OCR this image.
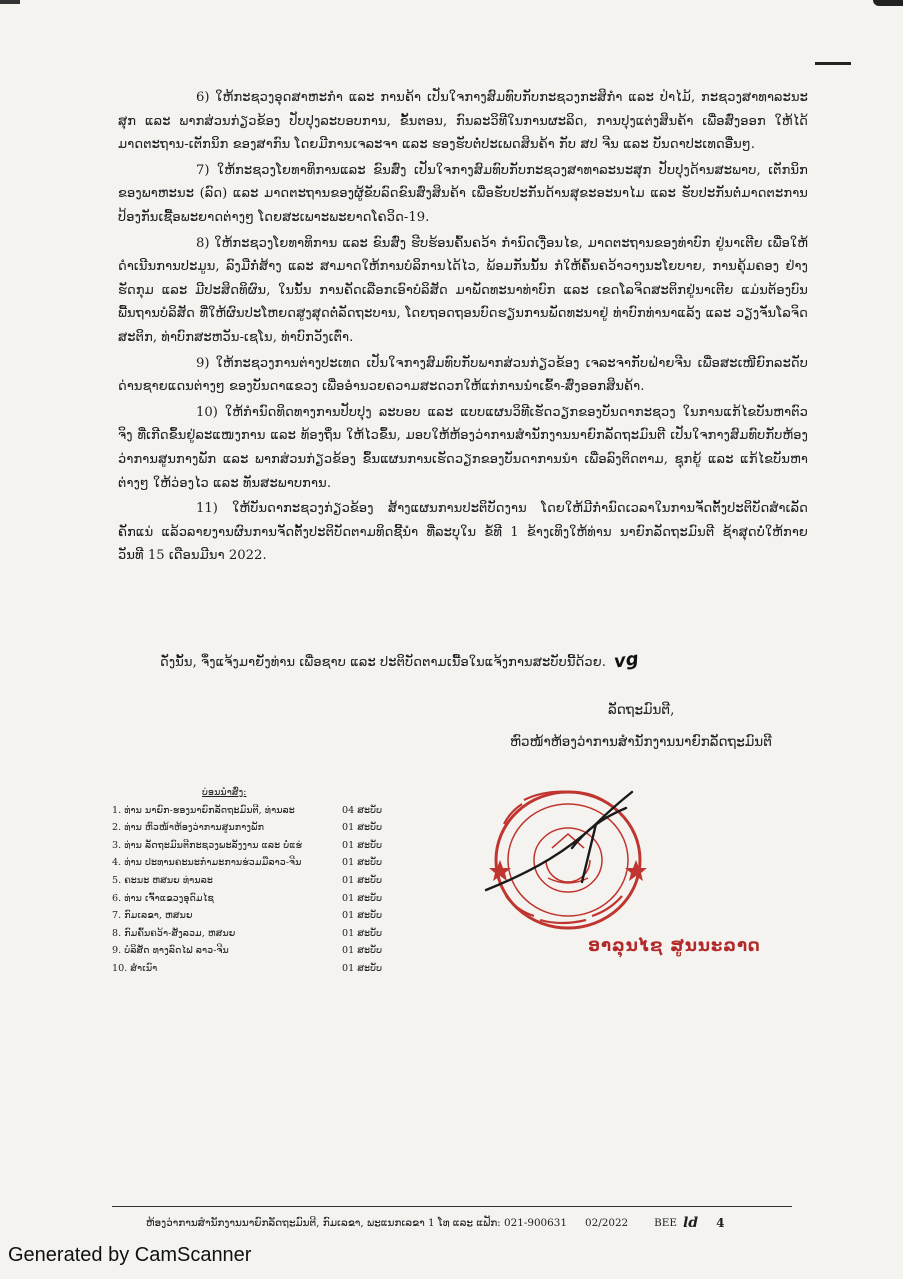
6) ໃຫ້ກະຊວງອຸດສາຫະກຳ ແລະ ການຄ້າ ເປັນໃຈກາງສົມທົບກັບກະຊວງກະສິກຳ ແລະ ປ່າໄມ້, ກະຊວງສາທາລະນະສຸກ ແລະ ພາກສ່ວນກ່ຽວຂ້ອງ ປັບປຸງລະບອບການ, ຂັ້ນຕອນ, ກົນລະວິທີໃນການຜະລິດ, ການປຸງແຕ່ງສິນຄ້າ ເພື່ອສົ່ງອອກ ໃຫ້ໄດ້ມາດຕະຖານ-ເຕັກນິກ ຂອງສາກົນ ໂດຍມີການເຈລະຈາ ແລະ ຮອງຮັບຕໍ່ປະເພດສິນຄ້າ ກັບ ສປ ຈີນ ແລະ ບັນດາປະເທດອື່ນໆ.

7) ໃຫ້ກະຊວງໂຍທາທິການແລະ ຂົນສົ່ງ ເປັນໃຈກາງສົມທົບກັບກະຊວງສາທາລະນະສຸກ ປັບປຸງດ້ານສະພາບ, ເຕັກນິກ ຂອງພາຫະນະ (ລົດ) ແລະ ມາດຕະຖານຂອງຜູ້ຂັບລົດຂົນສົ່ງສິນຄ້າ ເພື່ອຮັບປະກັນດ້ານສຸຂະອະນາໄມ ແລະ ຮັບປະກັນຕໍ່ມາດຕະການປ້ອງກັນເຊື້ອພະຍາດຕ່າງໆ ໂດຍສະເພາະພະຍາດໂຄວິດ-19.

8) ໃຫ້ກະຊວງໂຍທາທິການ ແລະ ຂົນສົ່ງ ຮີບຮ້ອນຄົ້ນຄວ້າ ກຳນົດເງື່ອນໄຂ, ມາດຕະຖານຂອງທ່າບົກ ຢູ່ນາເຕີຍ ເພື່ອໃຫ້ດຳເນີນການປະມູນ, ລົງມືກໍ່ສ້າງ ແລະ ສາມາດໃຫ້ການບໍລິການໄດ້ໄວ, ພ້ອມກັນນັ້ນ ກໍໃຫ້ຄົ້ນຄວ້າວາງນະໂຍບາຍ, ການຄຸ້ມຄອງ ຢ່າງຮັດກຸມ ແລະ ມີປະສິດທິຜົນ, ໃນນັ້ນ ການຄັດເລືອກເອົາບໍລິສັດ ມາພັດທະນາທ່າບົກ ແລະ ເຂດໂລຈິດສະຕິກຢູ່ນາເຕີຍ ແມ່ນຕ້ອງບົນພື້ນຖານບໍລິສັດ ທີ່ໃຫ້ຜົນປະໂຫຍດສູງສຸດຕໍ່ລັດຖະບານ, ໂດຍຖອດຖອນບົດຮຽນການພັດທະນາຢູ່ ທ່າບົກທ່ານາແລ້ງ ແລະ ວຽງຈັນໂລຈິດສະຕິກ, ທ່າບົກສະຫວັນ-ເຊໂນ, ທ່າບົກວັງເຕົ່າ.

9) ໃຫ້ກະຊວງການຕ່າງປະເທດ ເປັນໃຈກາງສົມທົບກັບພາກສ່ວນກ່ຽວຂ້ອງ ເຈລະຈາກັບຝ່າຍຈີນ ເພື່ອສະເໜີຍົກລະດັບດ່ານຊາຍແດນຕ່າງໆ ຂອງບັນດາແຂວງ ເພື່ອອຳນວຍຄວາມສະດວກໃຫ້ແກ່ການນຳເຂົ້າ-ສົ່ງອອກສິນຄ້າ.

10) ໃຫ້ກຳນົດທິດທາງການປັບປຸງ ລະບອບ ແລະ ແບບແຜນວິທີເຮັດວຽກຂອງບັນດາກະຊວງ ໃນການແກ້ໄຂບັນຫາຕົວຈິງ ທີ່ເກີດຂຶ້ນຢູ່ລະແໜງການ ແລະ ທ້ອງຖິ່ນ ໃຫ້ໄວຂຶ້ນ, ມອບໃຫ້ຫ້ອງວ່າການສຳນັກງານນາຍົກລັດຖະມົນຕີ ເປັນໃຈກາງສົມທົບກັບຫ້ອງວ່າການສູນກາງພັກ ແລະ ພາກສ່ວນກ່ຽວຂ້ອງ ຂຶ້ນແຜນການເຮັດວຽກຂອງບັນດາການນຳ ເພື່ອລົງຕິດຕາມ, ຊຸກຍູ້ ແລະ ແກ້ໄຂບັນຫາຕ່າງໆ ໃຫ້ວ່ອງໄວ ແລະ ທັນສະພາບການ.

11) ໃຫ້ບັນດາກະຊວງກ່ຽວຂ້ອງ ສ້າງແຜນການປະຕິບັດງານ ໂດຍໃຫ້ມີກຳນົດເວລາໃນການຈັດຕັ້ງປະຕິບັດສຳເລັດຄັກແນ່ ແລ້ວລາຍງານຜົນການຈັດຕັ້ງປະຕິບັດຕາມທິດຊີ້ນຳ ທີ່ລະບຸໃນ ຂໍ້ທີ 1 ຂ້າງເທິງໃຫ້ທ່ານ ນາຍົກລັດຖະມົນຕີ ຊ້າສຸດບໍ່ໃຫ້ກາຍ ວັນທີ 15 ເດືອນມີນາ 2022.

ດັ່ງນັ້ນ, ຈຶ່ງແຈ້ງມາຍັງທ່ານ ເພື່ອຊາບ ແລະ ປະຕິບັດຕາມເນື້ອໃນແຈ້ງການສະບັບນີ້ດ້ວຍ. vg
ລັດຖະມົນຕີ,
ຫົວໜ້າຫ້ອງວ່າການສຳນັກງານນາຍົກລັດຖະມົນຕີ
ບ່ອນນຳສົ່ງ:
1. ທ່ານ ນາຍົກ-ຮອງນາຍົກລັດຖະມົນຕີ, ທ່ານລະ	04 ສະບັບ
2. ທ່ານ ຫົວໜ້າຫ້ອງວ່າການສູນກາງພັກ	01 ສະບັບ
3. ທ່ານ ລັດຖະມົນຕີກະຊວງພະລັງງານ ແລະ ບໍ່ແຮ່	01 ສະບັບ
4. ທ່ານ ປະທານຄະນະກຳມະການຮ່ວມມືລາວ-ຈີນ	01 ສະບັບ
5. ຄະນະ ຫສນຍ ທ່ານລະ	01 ສະບັບ
6. ທ່ານ ເຈົ້າແຂວງອຸດົມໄຊ	01 ສະບັບ
7. ກົມເລຂາ, ຫສນຍ	01 ສະບັບ
8. ກົມຄົ້ນຄວ້າ-ສັງລວມ, ຫສນຍ	01 ສະບັບ
9. ບໍລິສັດ ທາງລົດໄຟ ລາວ-ຈີນ	01 ສະບັບ
10. ສຳເນົາ	01 ສະບັບ
ອາລຸນໄຊ ສູນນະລາດ
ຫ້ອງວ່າການສຳນັກງານນາຍົກລັດຖະມົນຕີ, ກົມເລຂາ, ພະແນກເລຂາ 1 ໂທ ແລະ ແຟັກ: 021-900631 02/2022	BEE ld 4
Generated by CamScanner
